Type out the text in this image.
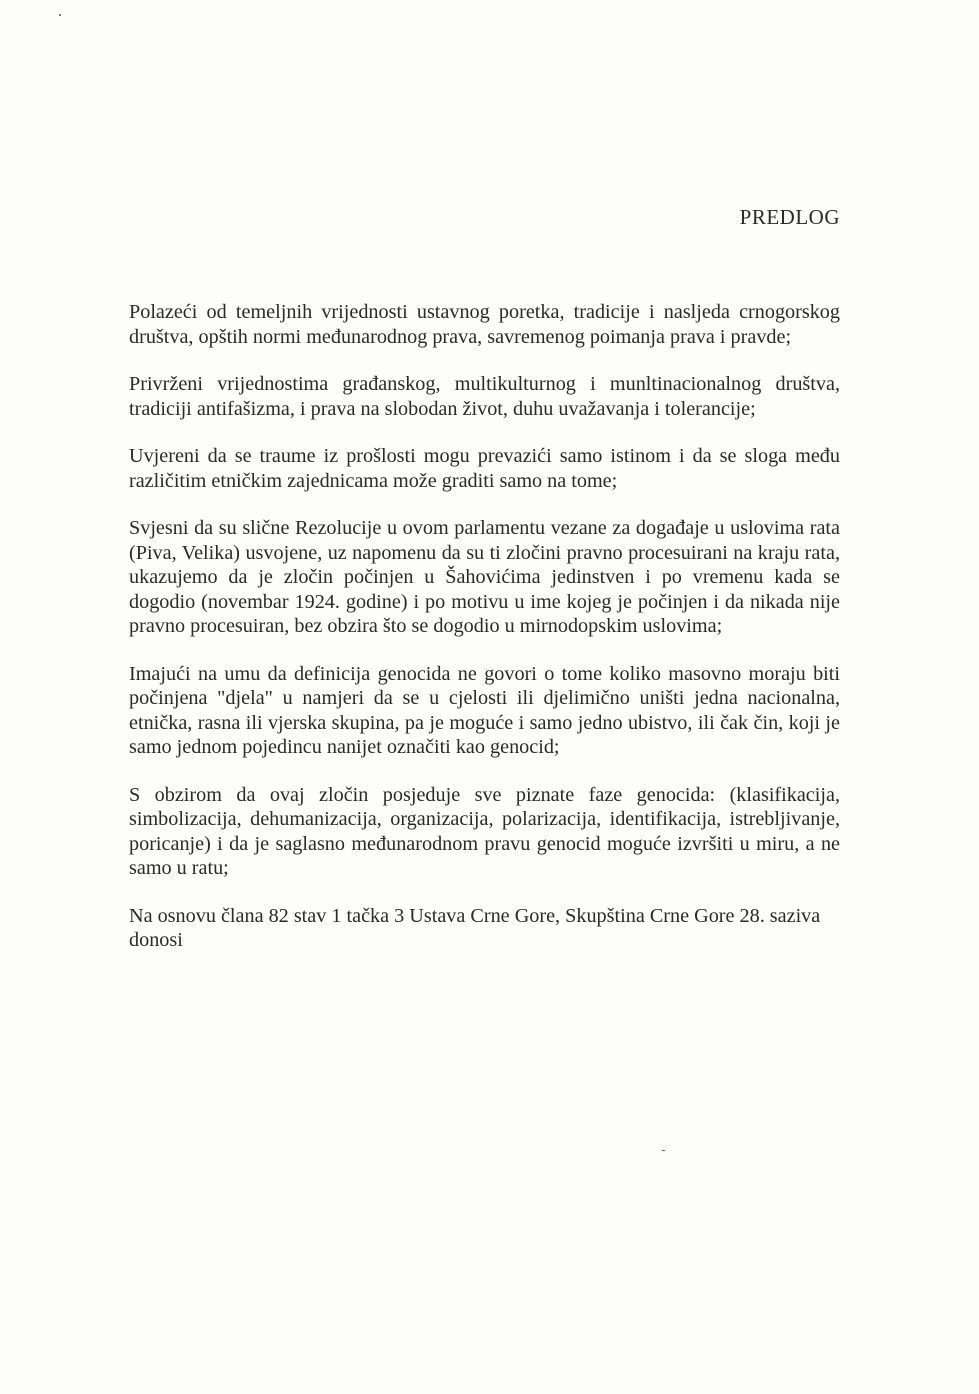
PREDLOG

Polazeći od temeljnih vrijednosti ustavnog poretka, tradicije i nasljeda crnogorskog društva, opštih normi međunarodnog prava, savremenog poimanja prava i pravde;

Privrženi vrijednostima građanskog, multikulturnog i munltinacionalnog društva, tradiciji antifašizma, i prava na slobodan život, duhu uvažavanja i tolerancije;

Uvjereni da se traume iz prošlosti mogu prevazići samo istinom i da se sloga među različitim etničkim zajednicama može graditi samo na tome;

Svjesni da su slične Rezolucije u ovom parlamentu vezane za događaje u uslovima rata (Piva, Velika) usvojene, uz napomenu da su ti zločini pravno procesuirani na kraju rata, ukazujemo da je zločin počinjen u Šahovićima jedinstven i po vremenu kada se dogodio (novembar 1924. godine) i po motivu u ime kojeg je počinjen i da nikada nije pravno procesuiran, bez obzira što se dogodio u mirnodopskim uslovima;

Imajući na umu da definicija genocida ne govori o tome koliko masovno moraju biti počinjena "djela" u namjeri da se u cjelosti ili djelimično uništi jedna nacionalna, etnička, rasna ili vjerska skupina, pa je moguće i samo jedno ubistvo, ili čak čin, koji je samo jednom pojedincu nanijet označiti kao genocid;

S obzirom da ovaj zločin posjeduje sve piznate faze genocida: (klasifikacija, simbolizacija, dehumanizacija, organizacija, polarizacija, identifikacija, istrebljivanje, poricanje) i da je saglasno međunarodnom pravu genocid moguće izvršiti u miru, a ne samo u ratu;

Na osnovu člana 82 stav 1 tačka 3 Ustava Crne Gore, Skupština Crne Gore 28. saziva donosi
